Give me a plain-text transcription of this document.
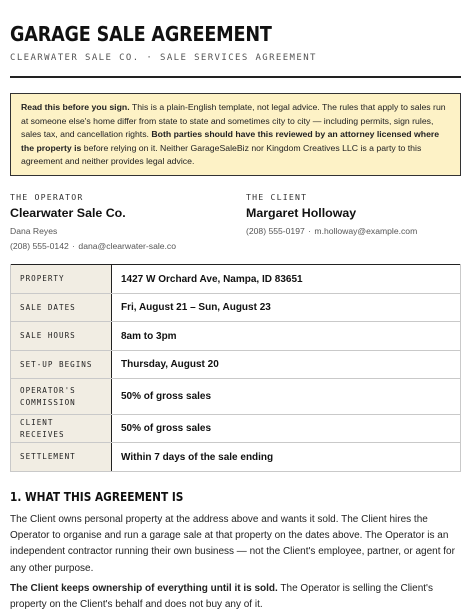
GARAGE SALE AGREEMENT
CLEARWATER SALE CO. · SALE SERVICES AGREEMENT
Read this before you sign. This is a plain-English template, not legal advice. The rules that apply to sales run at someone else's home differ from state to state and sometimes city to city — including permits, sign rules, sales tax, and cancellation rights. Both parties should have this reviewed by an attorney licensed where the property is before relying on it. Neither GarageSaleBiz nor Kingdom Creatives LLC is a party to this agreement and neither provides legal advice.
THE OPERATOR
Clearwater Sale Co.
Dana Reyes
(208) 555-0142 · dana@clearwater-sale.co
THE CLIENT
Margaret Holloway
(208) 555-0197 · m.holloway@example.com
PROPERTY	1427 W Orchard Ave, Nampa, ID 83651
SALE DATES	Fri, August 21 – Sun, August 23
SALE HOURS	8am to 3pm
SET-UP BEGINS	Thursday, August 20
OPERATOR'S COMMISSION	50% of gross sales
CLIENT RECEIVES	50% of gross sales
SETTLEMENT	Within 7 days of the sale ending
1. WHAT THIS AGREEMENT IS
The Client owns personal property at the address above and wants it sold. The Client hires the Operator to organise and run a garage sale at that property on the dates above. The Operator is an independent contractor running their own business — not the Client's employee, partner, or agent for any other purpose.
The Client keeps ownership of everything until it is sold. The Operator is selling the Client's property on the Client's behalf and does not buy any of it.
